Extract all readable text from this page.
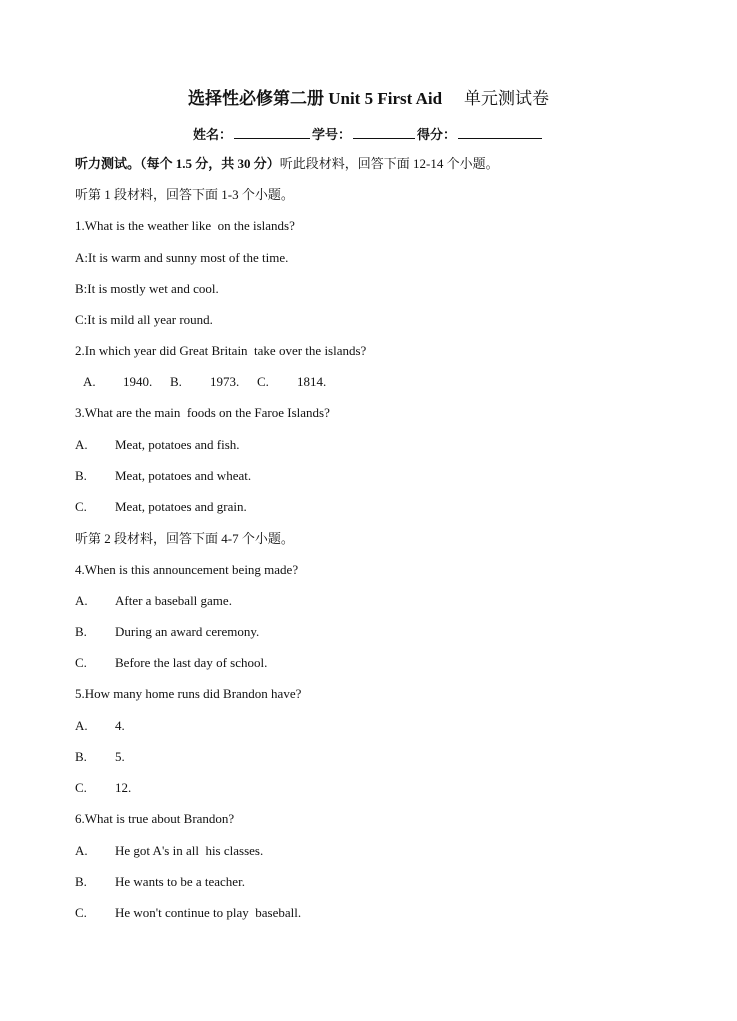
选择性必修第二册 Unit 5 First Aid 单元测试卷
姓名：	学号：	得分：
听力测试。（每个 1.5 分，共 30 分）听此段材料，回答下面 12-14 个小题。
听第 1 段材料，回答下面 1-3 个小题。
1.What is the weather like  on the islands?
A:It is warm and sunny most of the time.
B:It is mostly wet and cool.
C:It is mild all year round.
2.In which year did Great Britain  take over the islands?
A. 1940. B. 1973. C. 1814.
3.What are the main  foods on the Faroe Islands?
A. Meat, potatoes and fish.
B. Meat, potatoes and wheat.
C. Meat, potatoes and grain.
听第 2 段材料，回答下面 4-7 个小题。
4.When is this announcement being made?
A. After a baseball game.
B. During an award ceremony.
C. Before the last day of school.
5.How many home runs did Brandon have?
A. 4.
B. 5.
C. 12.
6.What is true about Brandon?
A. He got A's in all  his classes.
B. He wants to be a teacher.
C. He won't continue to play  baseball.
